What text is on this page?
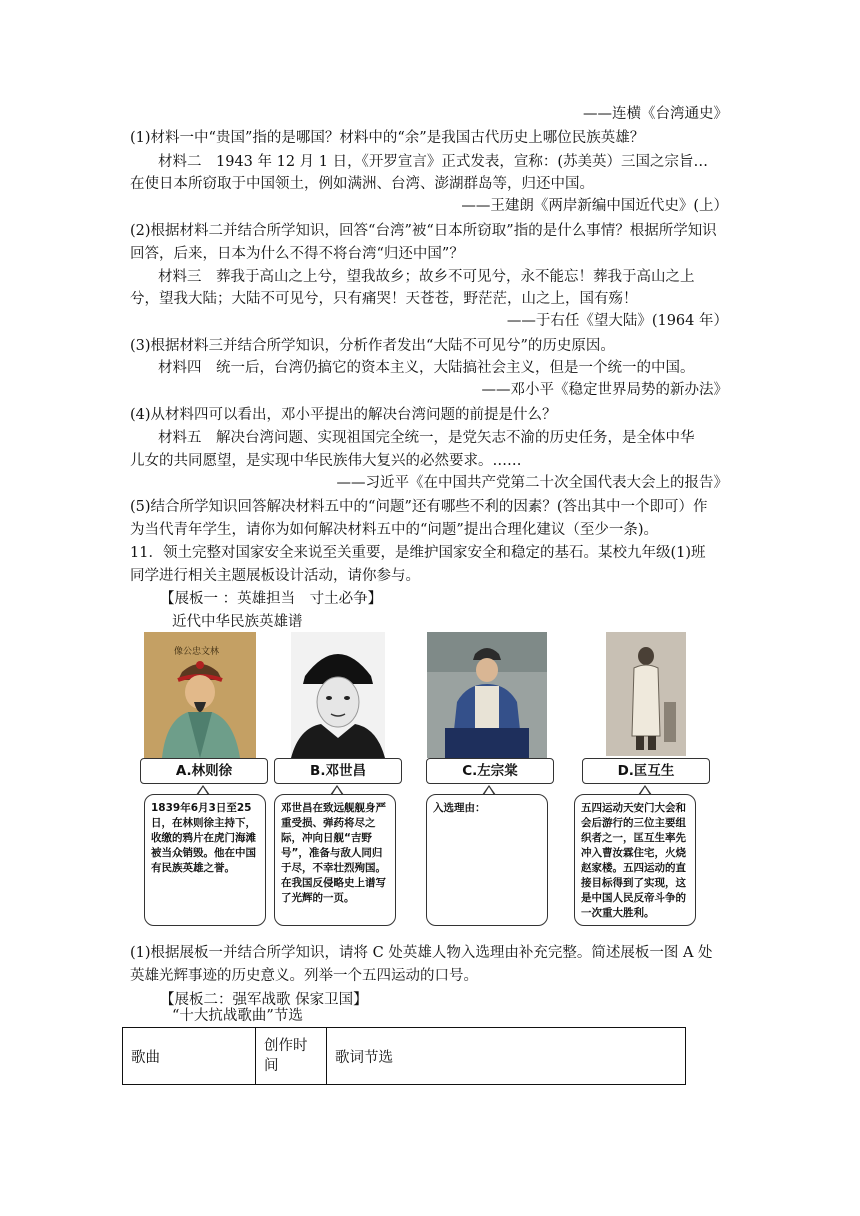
——连横《台湾通史》
(1)材料一中“贵国”指的是哪国？材料中的“余”是我国古代历史上哪位民族英雄？
材料二　1943 年 12 月 1 日，《开罗宣言》正式发表，宣称：(苏美英）三国之宗旨…
在使日本所窃取于中国领土，例如满洲、台湾、澎湖群岛等，归还中国。
——王建朗《两岸新编中国近代史》(上）
(2)根据材料二并结合所学知识，回答“台湾”被“日本所窃取”指的是什么事情？根据所学知识
回答，后来，日本为什么不得不将台湾“归还中国”？
材料三　葬我于高山之上兮，望我故乡；故乡不可见兮，永不能忘！葬我于高山之上
兮，望我大陆；大陆不可见兮，只有痛哭！天苍苍，野茫茫，山之上，国有殇！
——于右任《望大陆》(1964 年）
(3)根据材料三并结合所学知识，分析作者发出“大陆不可见兮”的历史原因。
材料四　统一后，台湾仍搞它的资本主义，大陆搞社会主义，但是一个统一的中国。
——邓小平《稳定世界局势的新办法》
(4)从材料四可以看出，邓小平提出的解决台湾问题的前提是什么？
材料五　解决台湾问题、实现祖国完全统一，是党矢志不渝的历史任务，是全体中华
儿女的共同愿望，是实现中华民族伟大复兴的必然要求。……
——习近平《在中国共产党第二十次全国代表大会上的报告》
(5)结合所学知识回答解决材料五中的“问题”还有哪些不利的因素？(答出其中一个即可）作
为当代青年学生，请你为如何解决材料五中的“问题”提出合理化建议（至少一条)。
11．领土完整对国家安全来说至关重要，是维护国家安全和稳定的基石。某校九年级(1)班
同学进行相关主题展板设计活动，请你参与。
【展板一 ：英雄担当　寸土必争】
近代中华民族英雄谱
像公忠文林
A.林则徐	B.邓世昌	C.左宗棠	D.匡互生
1839年6月3日至25日，在林则徐主持下，收缴的鸦片在虎门海滩被当众销毁。他在中国有民族英雄之誉。
邓世昌在致远舰舰身严重受损、弹药将尽之际，冲向日舰“吉野号”，准备与敌人同归于尽，不幸壮烈殉国。在我国反侵略史上谱写了光辉的一页。
入选理由：	五四运动天安门大会和会后游行的三位主要组织者之一，匡互生率先冲入曹汝霖住宅，火烧赵家楼。五四运动的直接目标得到了实现，这是中国人民反帝斗争的一次重大胜利。
(1)根据展板一并结合所学知识，请将 C 处英雄人物入选理由补充完整。简述展板一图 A 处
英雄光辉事迹的历史意义。列举一个五四运动的口号。
【展板二：强军战歌 保家卫国】
“十大抗战歌曲”节选
歌曲	创作时间	歌词节选
